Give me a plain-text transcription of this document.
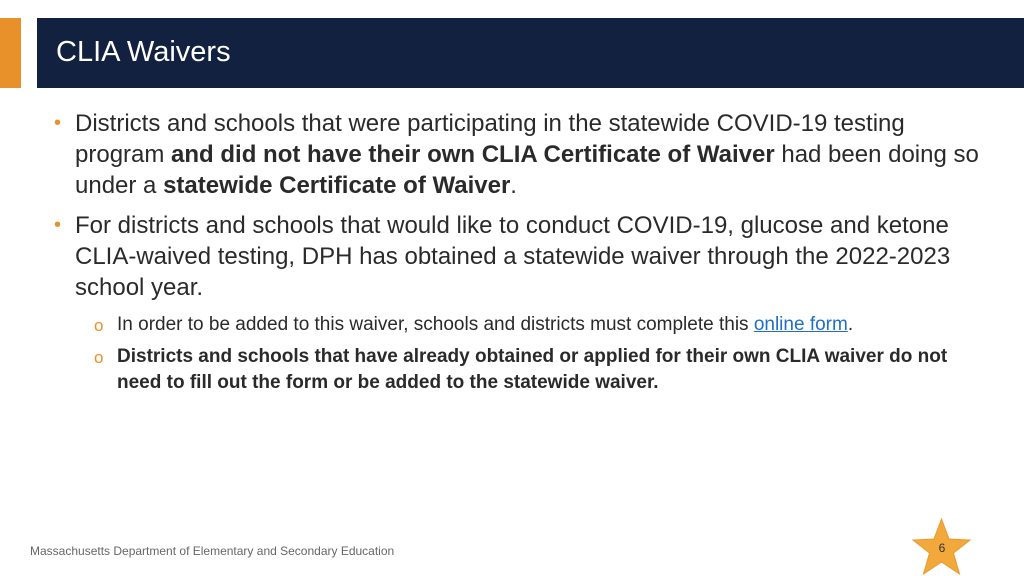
CLIA Waivers
• Districts and schools that were participating in the statewide COVID-19 testing program and did not have their own CLIA Certificate of Waiver had been doing so under a statewide Certificate of Waiver.
• For districts and schools that would like to conduct COVID-19, glucose and ketone CLIA-waived testing, DPH has obtained a statewide waiver through the 2022-2023 school year.
o In order to be added to this waiver, schools and districts must complete this online form.
o Districts and schools that have already obtained or applied for their own CLIA waiver do not need to fill out the form or be added to the statewide waiver.
Massachusetts Department of Elementary and Secondary Education	6
